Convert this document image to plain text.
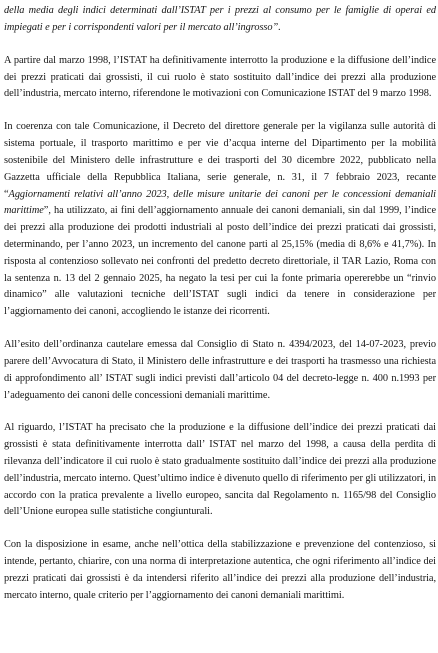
della media degli indici determinati dall’ISTAT per i prezzi al consumo per le famiglie di operai ed impiegati e per i corrispondenti valori per il mercato all’ingrosso”.

A partire dal marzo 1998, l’ISTAT ha definitivamente interrotto la produzione e la diffusione dell’indice dei prezzi praticati dai grossisti, il cui ruolo è stato sostituito dall’indice dei prezzi alla produzione dell’industria, mercato interno, riferendone le motivazioni con Comunicazione ISTAT del 9 marzo 1998.

In coerenza con tale Comunicazione, il Decreto del direttore generale per la vigilanza sulle autorità di sistema portuale, il trasporto marittimo e per vie d’acqua interne del Dipartimento per la mobilità sostenibile del Ministero delle infrastrutture e dei trasporti del 30 dicembre 2022, pubblicato nella Gazzetta ufficiale della Repubblica Italiana, serie generale, n. 31, il 7 febbraio 2023, recante “Aggiornamenti relativi all’anno 2023, delle misure unitarie dei canoni per le concessioni demaniali marittime”, ha utilizzato, ai fini dell’aggiornamento annuale dei canoni demaniali, sin dal 1999, l’indice dei prezzi alla produzione dei prodotti industriali al posto dell’indice dei prezzi praticati dai grossisti, determinando, per l’anno 2023, un incremento del canone parti al 25,15% (media di 8,6% e 41,7%). In risposta al contenzioso sollevato nei confronti del predetto decreto direttoriale, il TAR Lazio, Roma con la sentenza n. 13 del 2 gennaio 2025, ha negato la tesi per cui la fonte primaria opererebbe un “rinvio dinamico” alle valutazioni tecniche dell’ISTAT sugli indici da tenere in considerazione per l’aggiornamento dei canoni, accogliendo le istanze dei ricorrenti.

All’esito dell’ordinanza cautelare emessa dal Consiglio di Stato n. 4394/2023, del 14-07-2023, previo parere dell’Avvocatura di Stato, il Ministero delle infrastrutture e dei trasporti ha trasmesso una richiesta di approfondimento all’ ISTAT sugli indici previsti dall’articolo 04 del decreto-legge n. 400 n.1993 per l’adeguamento dei canoni delle concessioni demaniali marittime.

Al riguardo, l’ISTAT ha precisato che la produzione e la diffusione dell’indice dei prezzi praticati dai grossisti è stata definitivamente interrotta dall’ ISTAT nel marzo del 1998, a causa della perdita di rilevanza dell’indicatore il cui ruolo è stato gradualmente sostituito dall’indice dei prezzi alla produzione dell’industria, mercato interno. Quest’ultimo indice è divenuto quello di riferimento per gli utilizzatori, in accordo con la pratica prevalente a livello europeo, sancita dal Regolamento n. 1165/98 del Consiglio dell’Unione europea sulle statistiche congiunturali.

Con la disposizione in esame, anche nell’ottica della stabilizzazione e prevenzione del contenzioso, si intende, pertanto, chiarire, con una norma di interpretazione autentica, che ogni riferimento all’indice dei prezzi praticati dai grossisti è da intendersi riferito all’indice dei prezzi alla produzione dell’industria, mercato interno, quale criterio per l’aggiornamento dei canoni demaniali marittimi.
